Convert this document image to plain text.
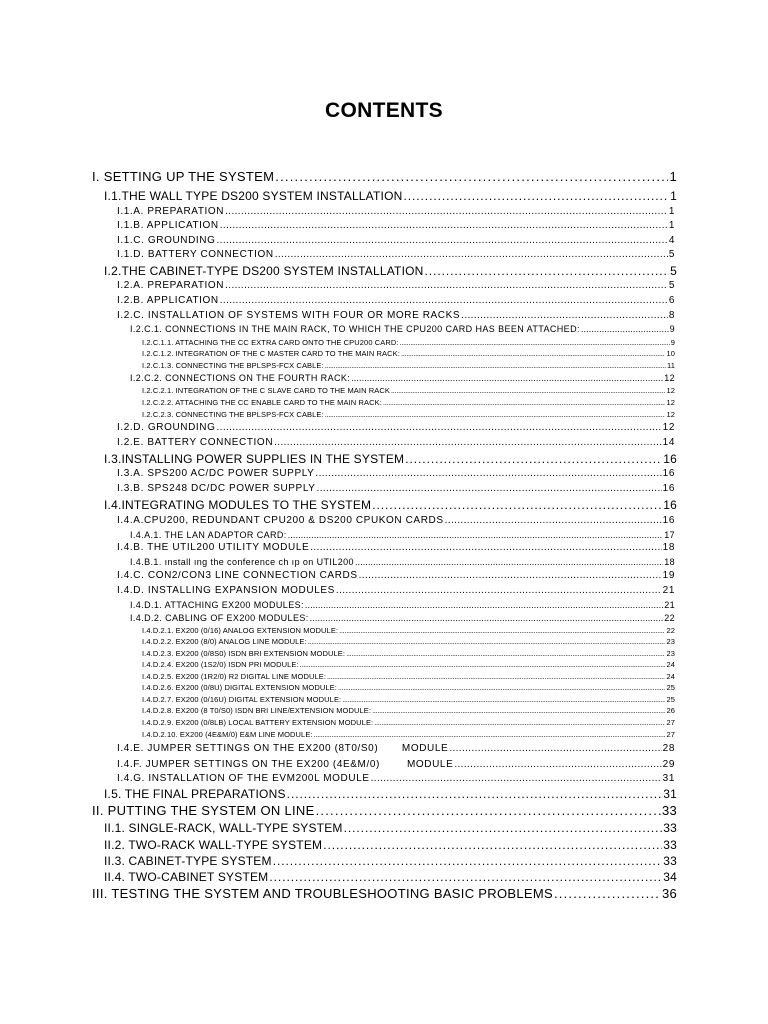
CONTENTS
I. SETTING UP THE SYSTEM . . .	1
I.1.THE WALL TYPE DS200 SYSTEM INSTALLATION . . .	1
I.1.A. PREPARATION . . .	1
I.1.B. APPLICATION . . .	1
I.1.C. GROUNDING . . .	4
I.1.D. BATTERY CONNECTION . . .	5
I.2.THE CABINET-TYPE DS200 SYSTEM INSTALLATION . . .	5
I.2.A. PREPARATION . . .	5
I.2.B. APPLICATION . . .	6
I.2.C. INSTALLATION OF SYSTEMS WITH FOUR OR MORE RACKS . . .	8
I.2.C.1. CONNECTIONS IN THE MAIN RACK, TO WHICH THE CPU200 CARD HAS BEEN ATTACHED: . . .	9
I.2.C.1.1. ATTACHING THE CC EXTRA CARD ONTO THE CPU200 CARD: . . .	9
I.2.C.1.2. INTEGRATION OF THE C MASTER CARD TO THE MAIN RACK: . . .	10
I.2.C.1.3. CONNECTING THE BPLSPS-FCX CABLE: . . .	11
I.2.C.2. CONNECTIONS ON THE FOURTH RACK: . . .	12
I.2.C.2.1. INTEGRATION OF THE C SLAVE CARD TO THE MAIN RACK . . .	12
I.2.C.2.2. ATTACHING THE CC ENABLE CARD TO THE MAIN RACK: . . .	12
I.2.C.2.3. CONNECTING THE BPLSPS-FCX CABLE: . . .	12
I.2.D. GROUNDING . . .	12
I.2.E. BATTERY CONNECTION . . .	14
I.3.INSTALLING POWER SUPPLIES IN THE SYSTEM . . .	16
I.3.A. SPS200 AC/DC POWER SUPPLY . . .	16
I.3.B. SPS248 DC/DC POWER SUPPLY . . .	16
I.4.INTEGRATING MODULES TO THE SYSTEM . . .	16
I.4.A.CPU200, REDUNDANT CPU200 & DS200 CPUKON CARDS . . .	16
I.4.A.1. THE LAN ADAPTOR CARD: . . .	17
I.4.B. THE UTIL200 UTILITY MODULE . . .	18
I.4.B.1. ınstall ıng the conference ch ıp on UTIL200 . . .	18
I.4.C. CON2/CON3 LINE CONNECTION CARDS . . .	19
I.4.D. INSTALLING EXPANSION MODULES . . .	21
I.4.D.1. ATTACHING EX200 MODULES: . . .	21
I.4.D.2. CABLING OF EX200 MODULES: . . .	22
I.4.D.2.1. EX200 (0/16) ANALOG EXTENSION MODULE: . . .	22
I.4.D.2.2. EX200 (8/0) ANALOG LINE MODULE: . . .	23
I.4.D.2.3. EX200 (0/8S0) ISDN BRI EXTENSION MODULE: . . .	23
I.4.D.2.4. EX200 (1S2/0) ISDN PRI MODULE: . . .	24
I.4.D.2.5. EX200 (1R2/0) R2 DIGITAL LINE MODULE: . . .	24
I.4.D.2.6. EX200 (0/8U) DIGITAL EXTENSION MODULE: . . .	25
I.4.D.2.7. EX200 (0/16U) DIGITAL EXTENSION MODULE: . . .	25
I.4.D.2.8. EX200 (8 T0/S0) ISDN BRI LINE/EXTENSION MODULE: . . .	26
I.4.D.2.9. EX200 (0/8LB) LOCAL BATTERY EXTENSION MODULE: . . .	27
I.4.D.2.10. EX200 (4E&M/0) E&M LINE MODULE: . . .	27
I.4.E. JUMPER SETTINGS ON THE EX200 (8T0/S0)       MODULE . . .	28
I.4.F. JUMPER SETTINGS ON THE EX200 (4E&M/0)        MODULE . . .	29
I.4.G. INSTALLATION OF THE EVM200L MODULE . . .	31
I.5. THE FINAL PREPARATIONS . . .	31
II. PUTTING THE SYSTEM ON LINE . . .	33
II.1. SINGLE-RACK, WALL-TYPE SYSTEM . . .	33
II.2. TWO-RACK WALL-TYPE SYSTEM . . .	33
II.3. CABINET-TYPE SYSTEM . . .	33
II.4. TWO-CABINET SYSTEM . . .	34
III. TESTING THE SYSTEM AND TROUBLESHOOTING BASIC PROBLEMS . . .	36
